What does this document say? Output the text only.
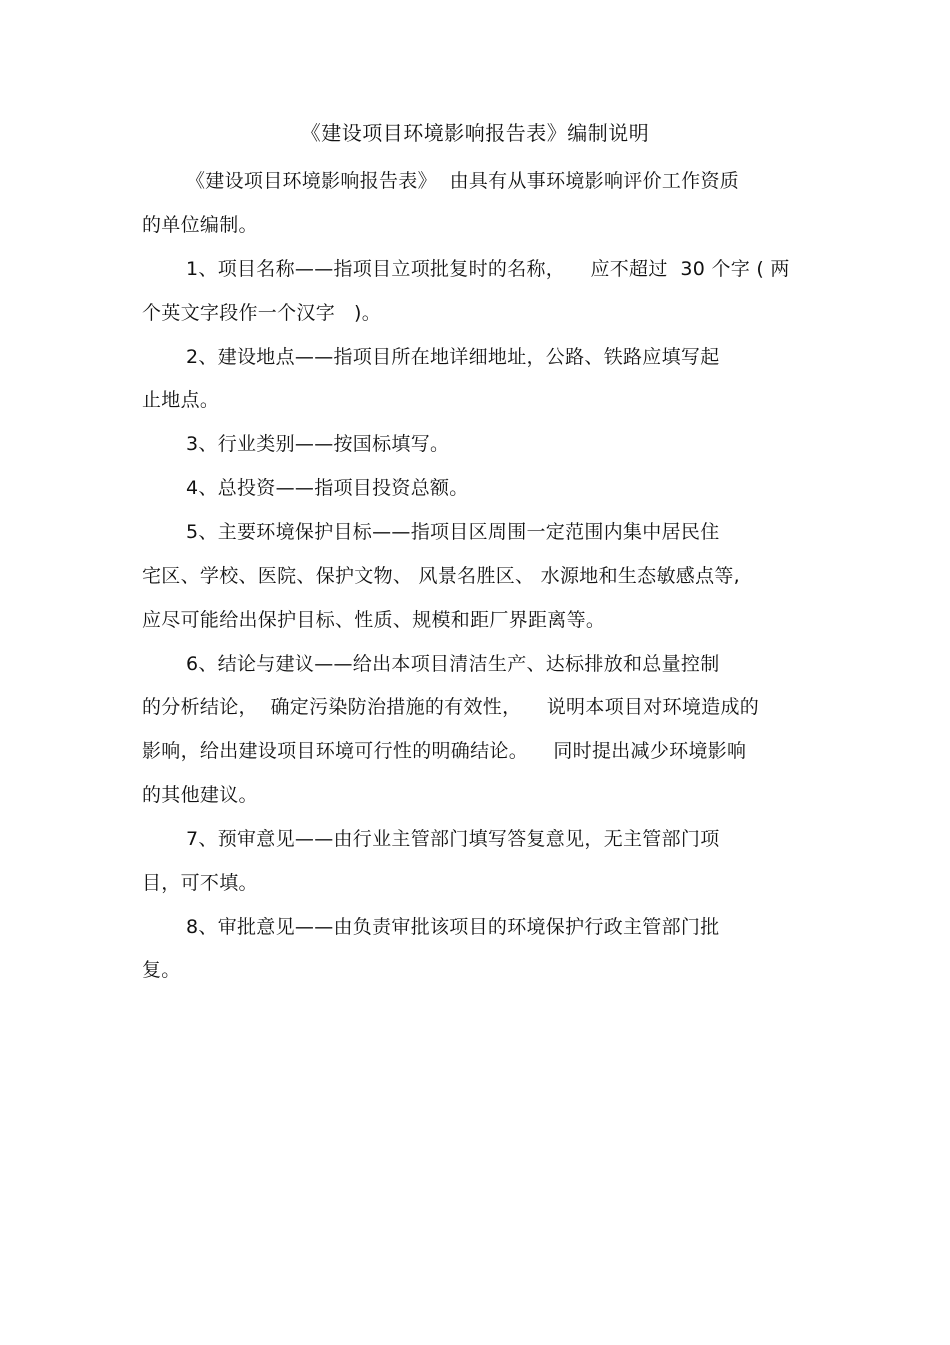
《建设项目环境影响报告表》编制说明
《建设项目环境影响报告表》  由具有从事环境影响评价工作资质
的单位编制。
1、项目名称——指项目立项批复时的名称，    应不超过  30 个字 ( 两
个英文字段作一个汉字   )。
2、建设地点——指项目所在地详细地址，公路、铁路应填写起
止地点。
3、行业类别——按国标填写。
4、总投资——指项目投资总额。
5、主要环境保护目标——指项目区周围一定范围内集中居民住
宅区、学校、医院、保护文物、 风景名胜区、 水源地和生态敏感点等,
应尽可能给出保护目标、性质、规模和距厂界距离等。
6、结论与建议——给出本项目清洁生产、达标排放和总量控制
的分析结论，  确定污染防治措施的有效性，    说明本项目对环境造成的
影响，给出建设项目环境可行性的明确结论。    同时提出减少环境影响
的其他建议。
7、预审意见——由行业主管部门填写答复意见，无主管部门项
目，可不填。
8、审批意见——由负责审批该项目的环境保护行政主管部门批
复。
